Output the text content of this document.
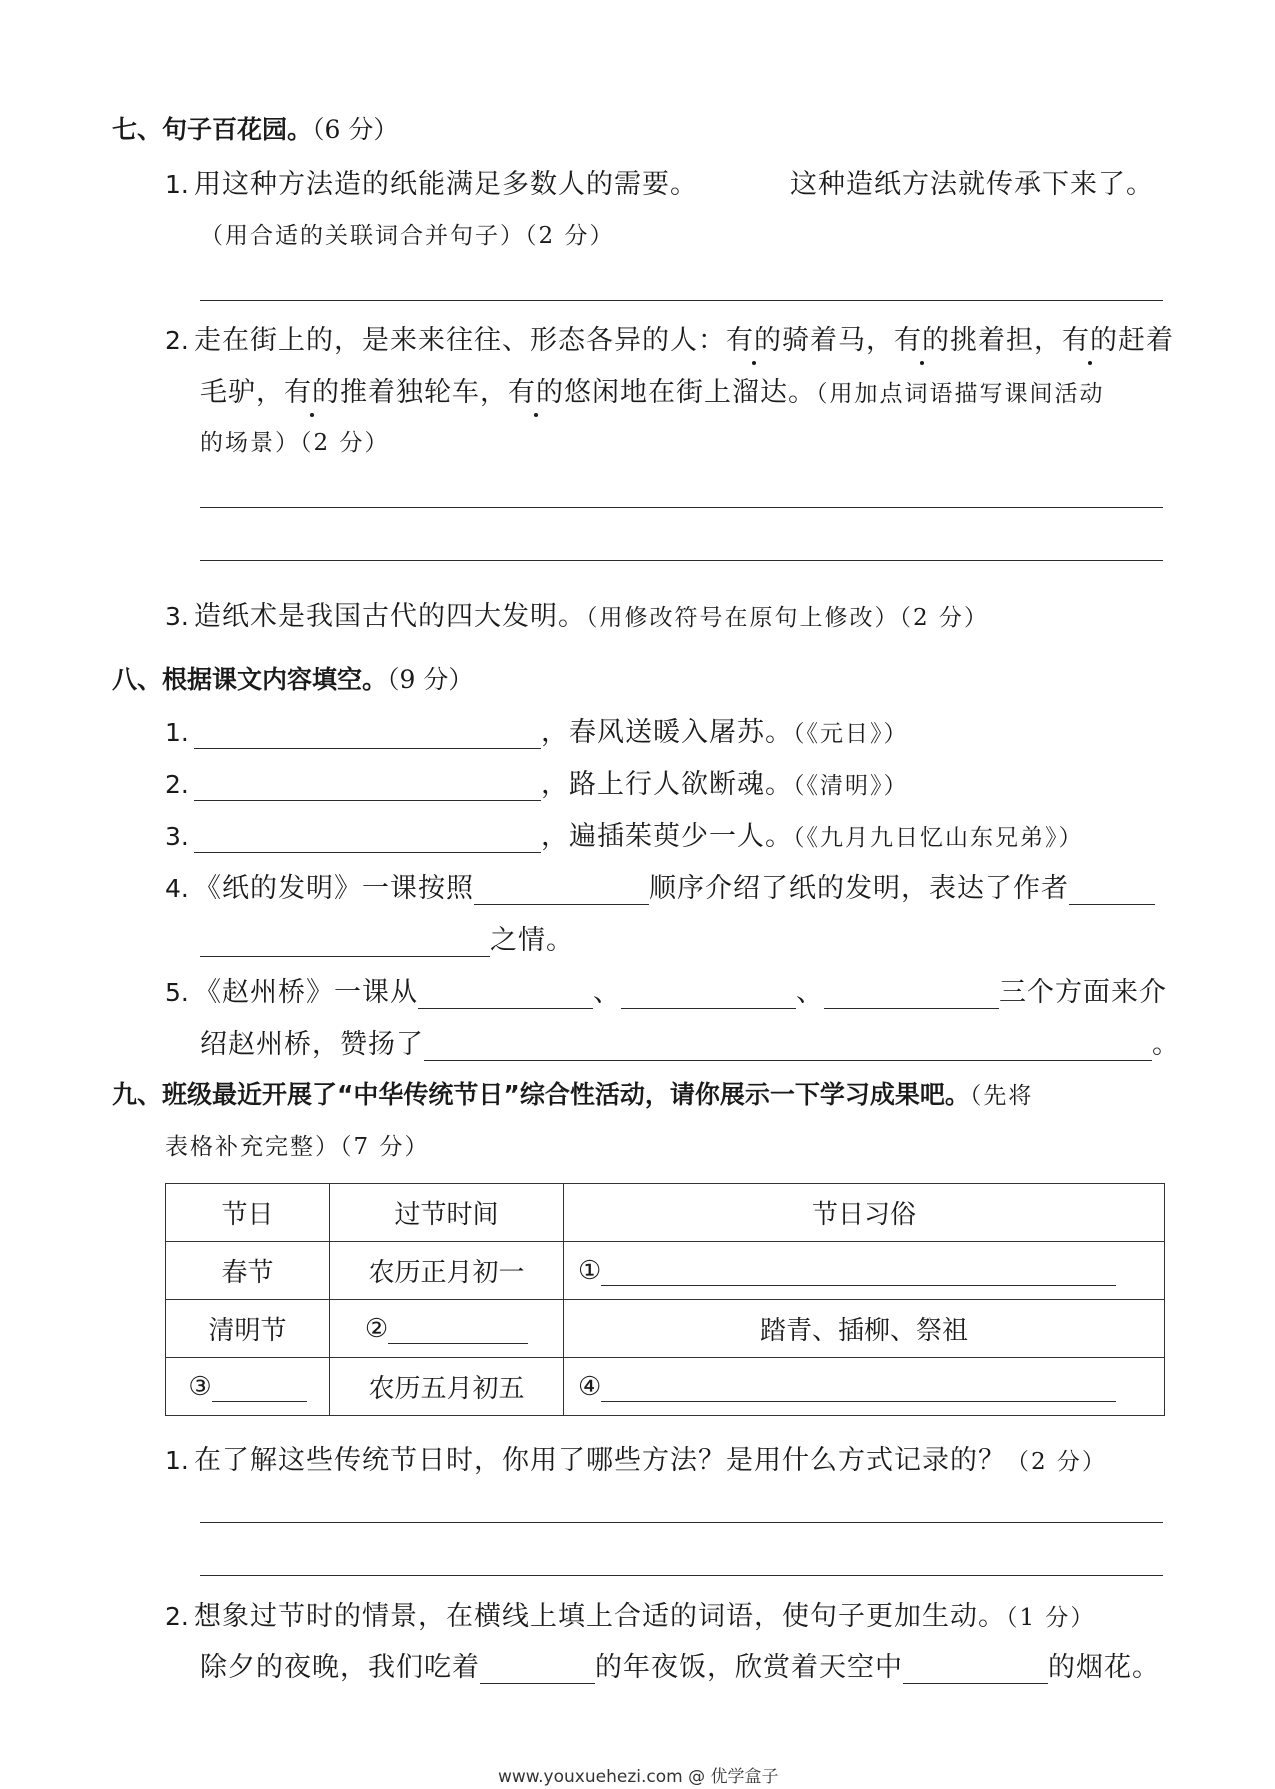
七、句子百花园。（6 分）
1. 用这种方法造的纸能满足多数人的需要。	这种造纸方法就传承下来了。
（用合适的关联词合并句子）（2 分）
2. 走在街上的，是来来往往、形态各异的人：有的骑着马，有的挑着担，有的赶着
毛驴，有的推着独轮车，有的悠闲地在街上溜达。（用加点词语描写课间活动
的场景）（2 分）
3. 造纸术是我国古代的四大发明。（用修改符号在原句上修改）（2 分）
八、根据课文内容填空。（9 分）
1.	，春风送暖入屠苏。（《元日》）
2.	，路上行人欲断魂。（《清明》）
3.	，遍插茱萸少一人。（《九月九日忆山东兄弟》）
4. 《纸的发明》一课按照	顺序介绍了纸的发明，表达了作者
之情。
5. 《赵州桥》一课从	、	、	三个方面来介
绍赵州桥，赞扬了	。
九、班级最近开展了“中华传统节日”综合性活动，请你展示一下学习成果吧。（先将
表格补充完整）（7 分）
节日	过节时间	节日习俗
春节	农历正月初一	①
清明节	②	踏青、插柳、祭祖
③	农历五月初五	④
1. 在了解这些传统节日时，你用了哪些方法？是用什么方式记录的？（2 分）
2. 想象过节时的情景，在横线上填上合适的词语，使句子更加生动。（1 分）
除夕的夜晚，我们吃着	的年夜饭，欣赏着天空中	的烟花。
www.youxuehezi.com @ 优学盒子
